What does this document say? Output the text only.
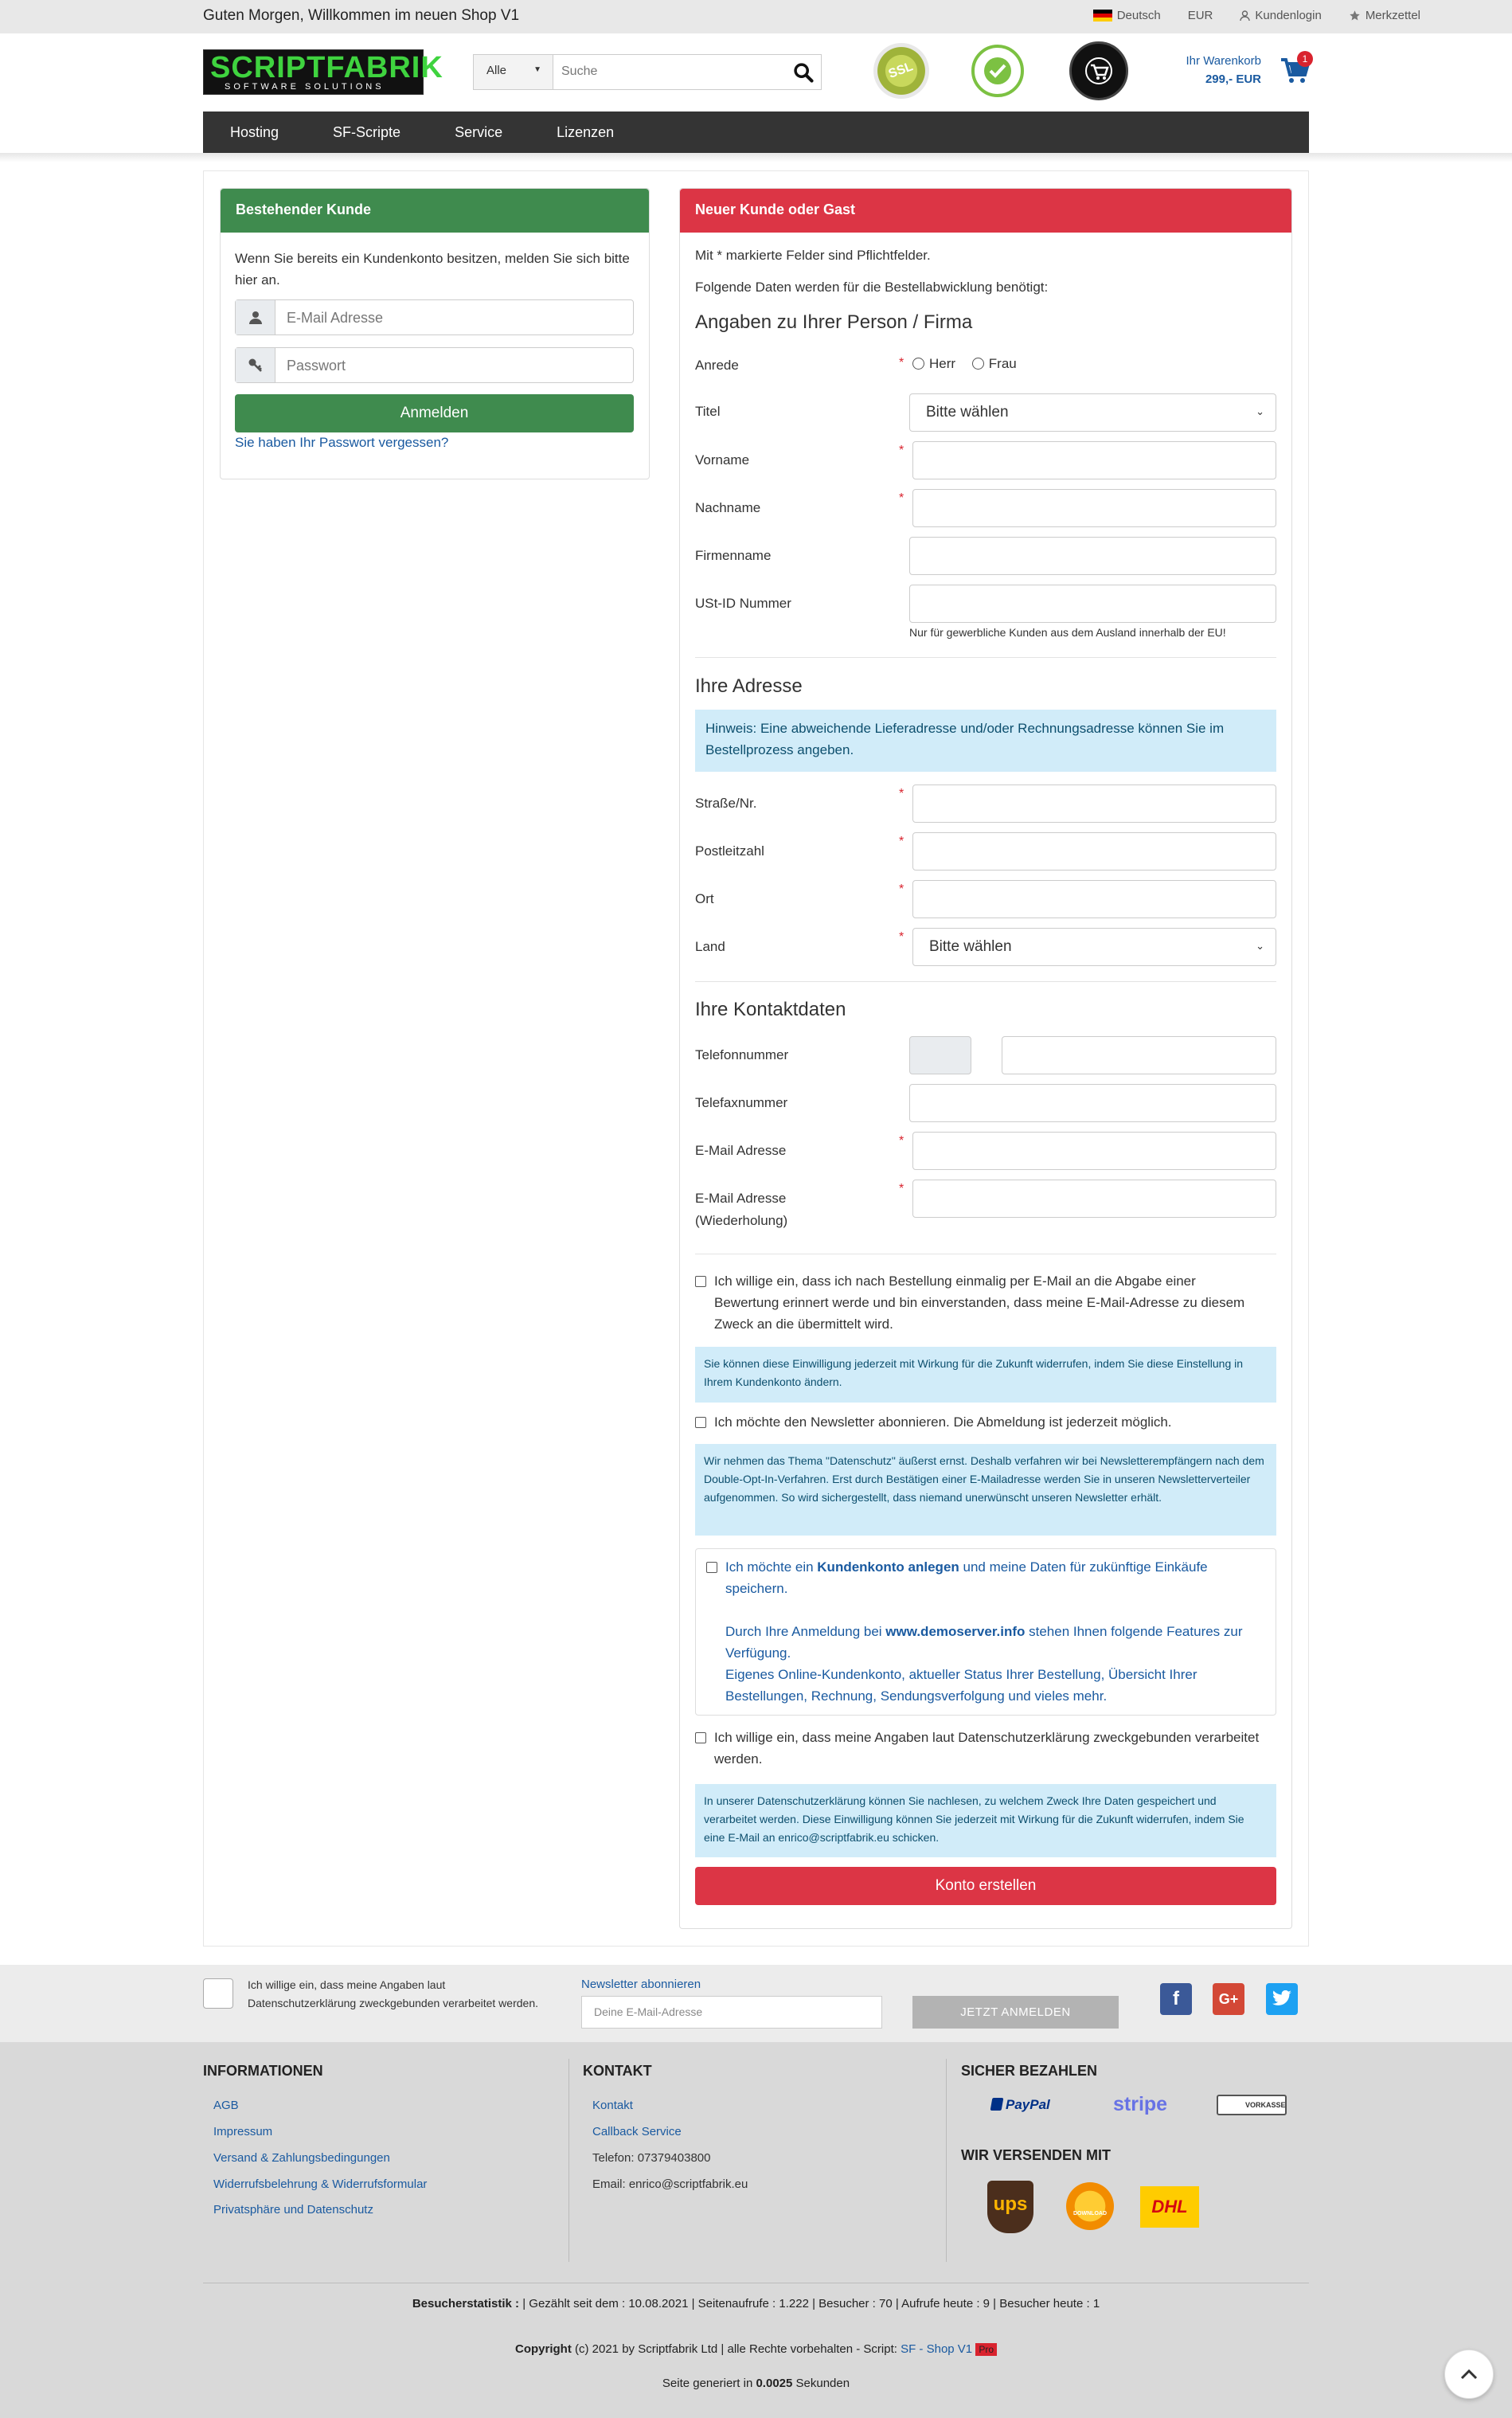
Guten Morgen, Willkommen im neuen Shop V1	Deutsch EUR	Kundenlogin	Merkzettel
SCRIPTFABRIK
SOFTWARE SOLUTIONS
Alle	▼ Suche	SSL	Ihr Warenkorb
299,- EUR
1
Hosting	SF-Scripte	Service	Lizenzen
Bestehender Kunde
Wenn Sie bereits ein Kundenkonto besitzen, melden Sie sich bitte hier an.
E-Mail Adresse
Passwort
Anmelden
Sie haben Ihr Passwort vergessen?
Neuer Kunde oder Gast
Mit * markierte Felder sind Pflichtfelder.
Folgende Daten werden für die Bestellabwicklung benötigt:
Angaben zu Ihrer Person / Firma
Anrede	*	Herr Frau
Titel	Bitte wählen	⌄
Vorname
*
Nachname
*
Firmenname
USt-ID Nummer
Nur für gewerbliche Kunden aus dem Ausland innerhalb der EU!
Ihre Adresse
Hinweis: Eine abweichende Lieferadresse und/oder Rechnungsadresse können Sie im Bestellprozess angeben.
Straße/Nr.
*
Postleitzahl
*
Ort
*
Land
*
Bitte wählen	⌄
Ihre Kontaktdaten
Telefonnummer
Telefaxnummer
E-Mail Adresse
*
E-Mail Adresse
(Wiederholung)
*
Ich willige ein, dass ich nach Bestellung einmalig per E-Mail an die Abgabe einer Bewertung erinnert werde und bin einverstanden, dass meine E-Mail-Adresse zu diesem Zweck an die übermittelt wird.
Sie können diese Einwilligung jederzeit mit Wirkung für die Zukunft widerrufen, indem Sie diese Einstellung in Ihrem Kundenkonto ändern.
Ich möchte den Newsletter abonnieren. Die Abmeldung ist jederzeit möglich.
Wir nehmen das Thema "Datenschutz" äußerst ernst. Deshalb verfahren wir bei Newsletterempfängern nach dem Double-Opt-In-Verfahren. Erst durch Bestätigen einer E-Mailadresse werden Sie in unseren Newsletterverteiler aufgenommen. So wird sichergestellt, dass niemand unerwünscht unseren Newsletter erhält.
Ich möchte ein Kundenkonto anlegen und meine Daten für zukünftige Einkäufe speichern.
Durch Ihre Anmeldung bei www.demoserver.info stehen Ihnen folgende Features zur Verfügung.
Eigenes Online-Kundenkonto, aktueller Status Ihrer Bestellung, Übersicht Ihrer Bestellungen, Rechnung, Sendungsverfolgung und vieles mehr.
Ich willige ein, dass meine Angaben laut Datenschutzerklärung zweckgebunden verarbeitet werden.
In unserer Datenschutzerklärung können Sie nachlesen, zu welchem Zweck Ihre Daten gespeichert und verarbeitet werden. Diese Einwilligung können Sie jederzeit mit Wirkung für die Zukunft widerrufen, indem Sie eine E-Mail an enrico@scriptfabrik.eu schicken.
Konto erstellen
Ich willige ein, dass meine Angaben laut Datenschutzerklärung zweckgebunden verarbeitet werden.
Newsletter abonnieren
Deine E-Mail-Adresse	JETZT ANMELDEN
f	G+
INFORMATIONEN
AGB
Impressum
Versand & Zahlungsbedingungen
Widerrufsbelehrung & Widerrufsformular
Privatsphäre und Datenschutz
KONTAKT
Kontakt
Callback Service
Telefon: 07379403800
Email: enrico@scriptfabrik.eu
SICHER BEZAHLEN
PayPal	stripe	VORKASSE
WIR VERSENDEN MIT
ups	DOWNLOAD	DHL
Besucherstatistik : | Gezählt seit dem : 10.08.2021 | Seitenaufrufe : 1.222 | Besucher : 70 | Aufrufe heute : 9 | Besucher heute : 1
Copyright (c) 2021 by Scriptfabrik Ltd | alle Rechte vorbehalten - Script: SF - Shop V1 Pro
Seite generiert in 0.0025 Sekunden
